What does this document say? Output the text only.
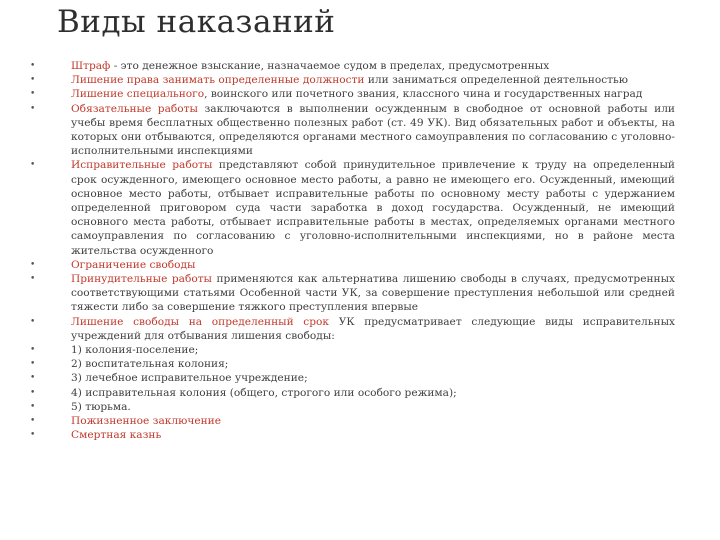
Виды наказаний
•	Штраф - это денежное взыскание, назначаемое судом в пределах, предусмотренных
•	Лишение права занимать определенные должности или заниматься определенной деятельностью
•	Лишение специального, воинского или почетного звания, классного чина и государственных наград
•	Обязательные работы заключаются в выполнении осужденным в свободное от основной работы или учебы время бесплатных общественно полезных работ (ст. 49 УК). Вид обязательных работ и объекты, на которых они отбываются, определяются органами местного самоуправления по согласованию с уголовно-исполнительными инспекциями
•	Исправительные работы представляют собой принудительное привлечение к труду на определенный срок осужденного, имеющего основное место работы, а равно не имеющего его. Осужденный, имеющий основное место работы, отбывает исправительные работы по основному месту работы с удержанием определенной приговором суда части заработка в доход государства. Осужденный, не имеющий основного места работы, отбывает исправительные работы в местах, определяемых органами местного самоуправления по согласованию с уголовно-исполнительными инспекциями, но в районе места жительства осужденного
•	Ограничение свободы
•	Принудительные работы применяются как альтернатива лишению свободы в случаях, предусмотренных соответствующими статьями Особенной части УК, за совершение преступления небольшой или средней тяжести либо за совершение тяжкого преступления впервые
•	Лишение свободы на определенный срок УК предусматривает следующие виды исправительных учреждений для отбывания лишения свободы:
•	1) колония-поселение;
•	2) воспитательная колония;
•	3) лечебное исправительное учреждение;
•	4) исправительная колония (общего, строгого или особого режима);
•	5) тюрьма.
•	Пожизненное заключение
•	Смертная казнь
